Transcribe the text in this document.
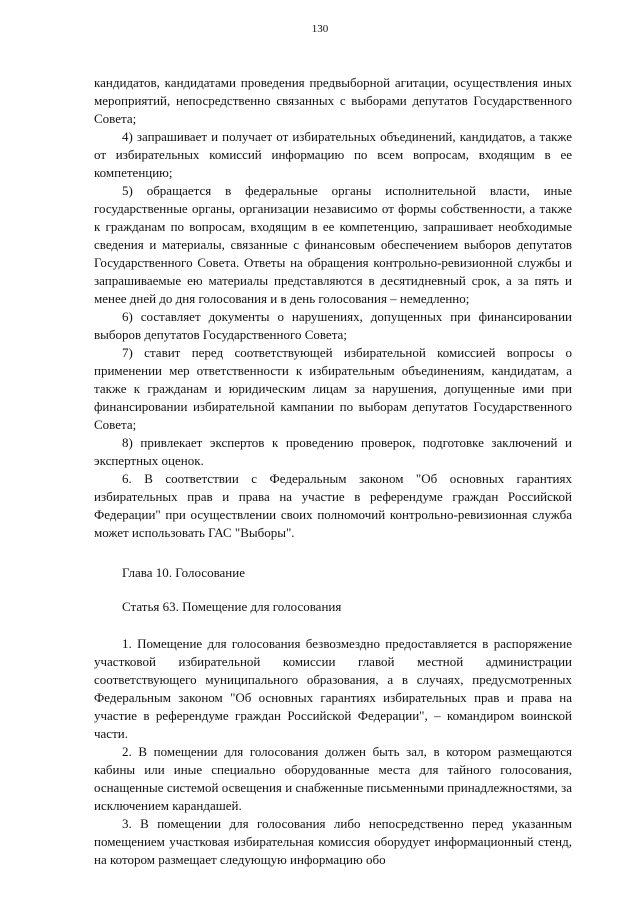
130

кандидатов, кандидатами проведения предвыборной агитации, осуществления иных мероприятий, непосредственно связанных с выборами депутатов Государственного Совета;

4) запрашивает и получает от избирательных объединений, кандидатов, а также от избирательных комиссий информацию по всем вопросам, входящим в ее компетенцию;

5) обращается в федеральные органы исполнительной власти, иные государственные органы, организации независимо от формы собственности, а также к гражданам по вопросам, входящим в ее компетенцию, запрашивает необходимые сведения и материалы, связанные с финансовым обеспечением выборов депутатов Государственного Совета. Ответы на обращения контрольно-ревизионной службы и запрашиваемые ею материалы представляются в десятидневный срок, а за пять и менее дней до дня голосования и в день голосования – немедленно;

6) составляет документы о нарушениях, допущенных при финансировании выборов депутатов Государственного Совета;

7) ставит перед соответствующей избирательной комиссией вопросы о применении мер ответственности к избирательным объединениям, кандидатам, а также к гражданам и юридическим лицам за нарушения, допущенные ими при финансировании избирательной кампании по выборам депутатов Государственного Совета;

8) привлекает экспертов к проведению проверок, подготовке заключений и экспертных оценок.

6. В соответствии с Федеральным законом "Об основных гарантиях избирательных прав и права на участие в референдуме граждан Российской Федерации" при осуществлении своих полномочий контрольно-ревизионная служба может использовать ГАС "Выборы".

Глава 10. Голосование

Статья 63. Помещение для голосования

1. Помещение для голосования безвозмездно предоставляется в распоряжение участковой избирательной комиссии главой местной администрации соответствующего муниципального образования, а в случаях, предусмотренных Федеральным законом "Об основных гарантиях избирательных прав и права на участие в референдуме граждан Российской Федерации", – командиром воинской части.

2. В помещении для голосования должен быть зал, в котором размещаются кабины или иные специально оборудованные места для тайного голосования, оснащенные системой освещения и снабженные письменными принадлежностями, за исключением карандашей.

3. В помещении для голосования либо непосредственно перед указанным помещением участковая избирательная комиссия оборудует информационный стенд, на котором размещает следующую информацию обо
